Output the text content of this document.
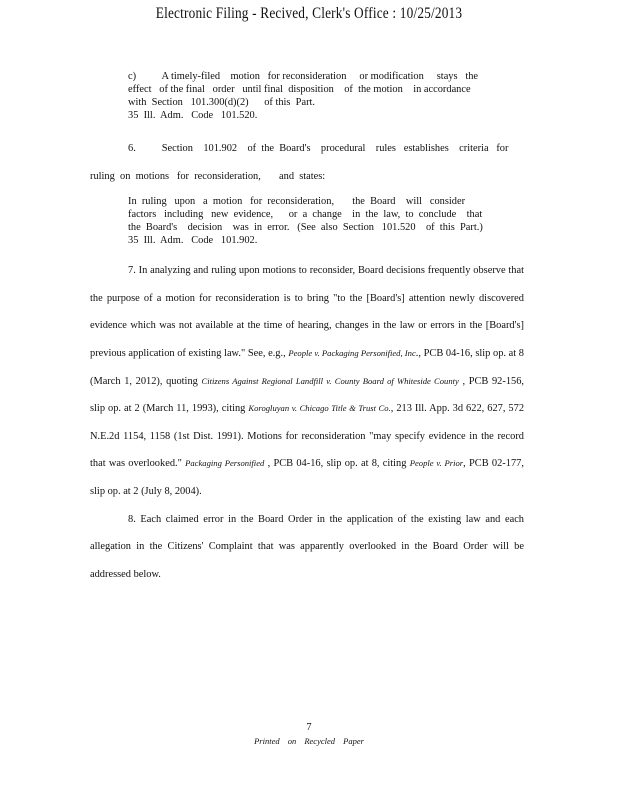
Electronic Filing - Recived, Clerk's Office : 10/25/2013

c)          A timely-filed    motion   for reconsideration     or modification     stays   the

effect   of the final   order   until final  disposition    of  the motion    in accordance

with  Section   101.300(d)(2)      of this  Part.

35  Ill.  Adm.   Code   101.520.

6.          Section    101.902    of  the  Board's    procedural    rules   establishes    criteria   for

ruling  on  motions   for  reconsideration,       and  states:

In  ruling   upon   a  motion   for  reconsideration,       the  Board    will   consider

factors   including   new  evidence,      or  a  change    in  the  law,  to  conclude    that

the  Board's    decision    was  in  error.   (See  also  Section   101.520    of  this  Part.)

35  Ill.  Adm.   Code   101.902.

7. In analyzing and ruling upon motions to reconsider, Board decisions frequently observe that the purpose of a motion for reconsideration is to bring "to the [Board's] attention newly discovered evidence which was not available at the time of hearing, changes in the law or errors in the [Board's] previous application of existing law." See, e.g., People v. Packaging Personified, Inc., PCB 04-16, slip op. at 8 (March 1, 2012), quoting Citizens Against Regional Landfill v. County Board of Whiteside County , PCB 92-156, slip op. at 2 (March 11, 1993), citing Korogluyan v. Chicago Title & Trust Co., 213 Ill. App. 3d 622, 627, 572 N.E.2d 1154, 1158 (1st Dist. 1991). Motions for reconsideration "may specify evidence in the record that was overlooked." Packaging Personified , PCB 04-16, slip op. at 8, citing People v. Prior, PCB 02-177, slip op. at 2 (July 8, 2004).

8. Each claimed error in the Board Order in the application of the existing law and each allegation in the Citizens' Complaint that was apparently overlooked in the Board Order will be addressed below.

7
Printed on Recycled Paper
